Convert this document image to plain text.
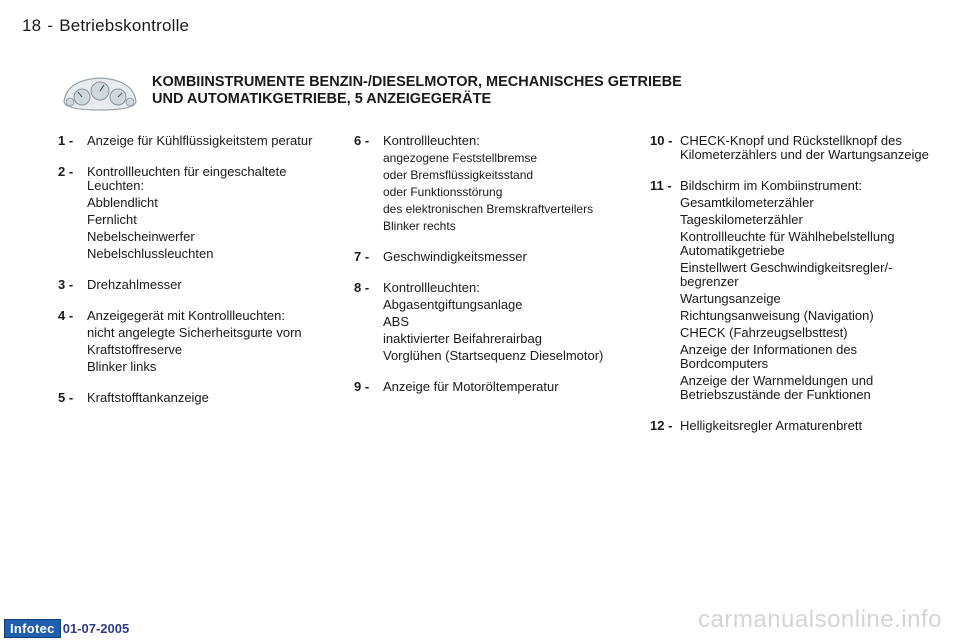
18 - Betriebskontrolle
KOMBIINSTRUMENTE BENZIN-/DIESELMOTOR, MECHANISCHES GETRIEBE
UND AUTOMATIKGETRIEBE, 5 ANZEIGEGERÄTE
1 - Anzeige für Kühlflüssigkeitstem peratur
2 - Kontrollleuchten für eingeschaltete Leuchten:
Abblendlicht
Fernlicht
Nebelscheinwerfer
Nebelschlussleuchten
3 - Drehzahlmesser
4 - Anzeigegerät mit Kontrollleuchten:
nicht angelegte Sicherheitsgurte vorn
Kraftstoffreserve
Blinker links
5 - Kraftstofftankanzeige
6 - Kontrollleuchten:
angezogene Feststellbremse
oder Bremsflüssigkeitsstand
oder Funktionsstörung
des elektronischen Bremskraftverteilers
Blinker rechts
7 - Geschwindigkeitsmesser
8 - Kontrollleuchten:
Abgasentgiftungsanlage
ABS
inaktivierter Beifahrerairbag
Vorglühen (Startsequenz Dieselmotor)
9 - Anzeige für Motoröltemperatur
10 - CHECK-Knopf und Rückstellknopf des Kilometerzählers und der Wartungsanzeige
11 - Bildschirm im Kombiinstrument:
Gesamtkilometerzähler
Tageskilometerzähler
Kontrollleuchte für Wählhebelstellung Automatikgetriebe
Einstellwert Geschwindigkeitsregler/-begrenzer
Wartungsanzeige
Richtungsanweisung (Navigation)
CHECK (Fahrzeugselbsttest)
Anzeige der Informationen des Bordcomputers
Anzeige der Warnmeldungen und Betriebszustände der Funktionen
12 - Helligkeitsregler Armaturenbrett
Infotec 01-07-2005	carmanualsonline.info
